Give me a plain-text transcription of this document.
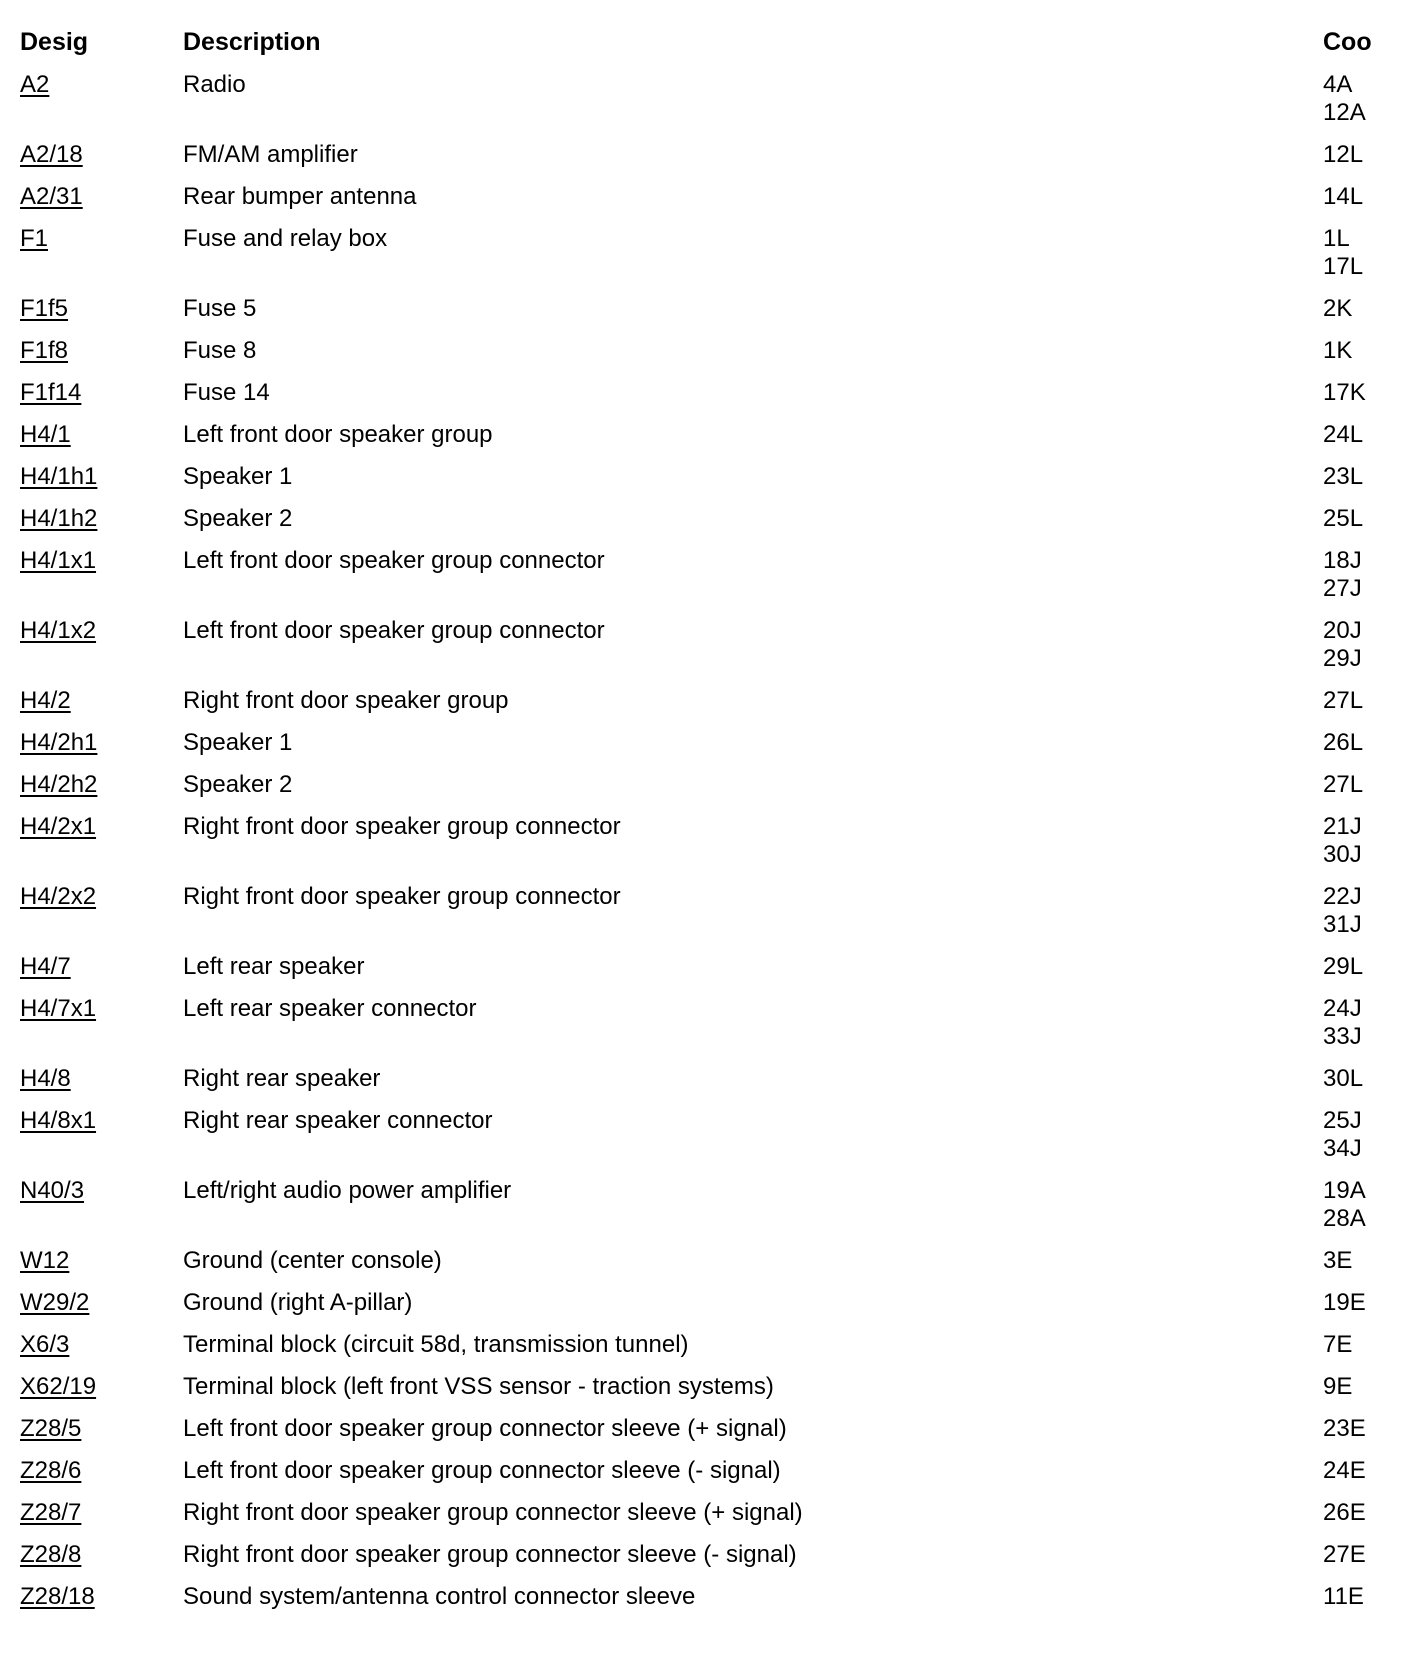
Desig	Description	Coo
A2	Radio	4A
12A
A2/18	FM/AM amplifier	12L
A2/31	Rear bumper antenna	14L
F1	Fuse and relay box	1L
17L
F1f5	Fuse 5	2K
F1f8	Fuse 8	1K
F1f14	Fuse 14	17K
H4/1	Left front door speaker group	24L
H4/1h1	Speaker 1	23L
H4/1h2	Speaker 2	25L
H4/1x1	Left front door speaker group connector	18J
27J
H4/1x2	Left front door speaker group connector	20J
29J
H4/2	Right front door speaker group	27L
H4/2h1	Speaker 1	26L
H4/2h2	Speaker 2	27L
H4/2x1	Right front door speaker group connector	21J
30J
H4/2x2	Right front door speaker group connector	22J
31J
H4/7	Left rear speaker	29L
H4/7x1	Left rear speaker connector	24J
33J
H4/8	Right rear speaker	30L
H4/8x1	Right rear speaker connector	25J
34J
N40/3	Left/right audio power amplifier	19A
28A
W12	Ground (center console)	3E
W29/2	Ground (right A-pillar)	19E
X6/3	Terminal block (circuit 58d, transmission tunnel)	7E
X62/19	Terminal block (left front VSS sensor - traction systems)	9E
Z28/5	Left front door speaker group connector sleeve (+ signal)	23E
Z28/6	Left front door speaker group connector sleeve (- signal)	24E
Z28/7	Right front door speaker group connector sleeve (+ signal)	26E
Z28/8	Right front door speaker group connector sleeve (- signal)	27E
Z28/18	Sound system/antenna control connector sleeve	11E
